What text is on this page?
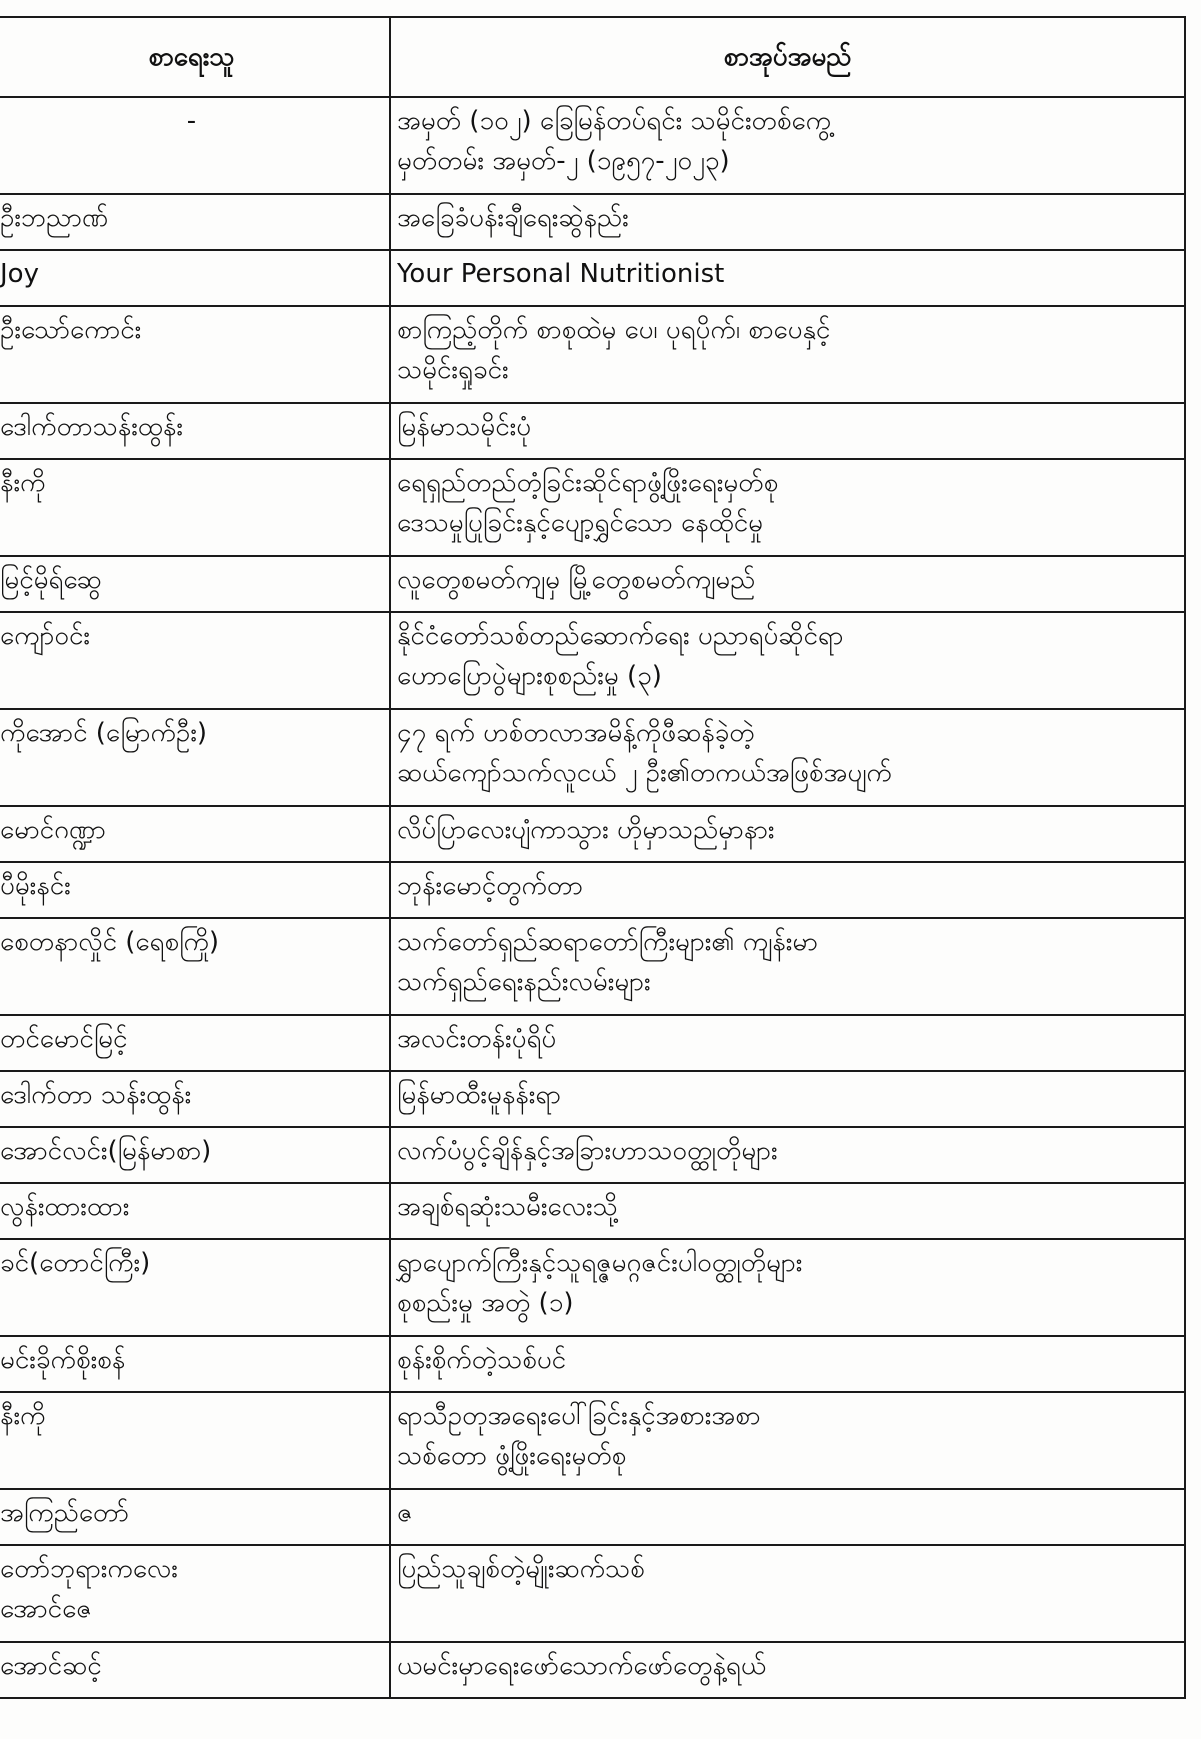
စာရေးသူ	စာအုပ်အမည်

-	အမှတ် (၁၀၂) ခြေမြန်တပ်ရင်း သမိုင်းတစ်ကွေ့
မှတ်တမ်း အမှတ်-၂ (၁၉၅၇-၂၀၂၃)

ဦးဘညာဏ်	အခြေခံပန်းချီရေးဆွဲနည်း

Joy	Your Personal Nutritionist

ဦးသော်ကောင်း	စာကြည့်တိုက် စာစုထဲမှ ပေ၊ ပုရပိုက်၊ စာပေနှင့်
သမိုင်းရှုခင်း

ဒေါက်တာသန်းထွန်း	မြန်မာသမိုင်းပုံ

နီးကို	ရေရှည်တည်တံ့ခြင်းဆိုင်ရာဖွံ့ဖြိုးရေးမှတ်စု
ဒေသမှုပြုခြင်းနှင့်ပျော့ရွှင်သော နေထိုင်မှု

မြင့်မိုရ်ဆွေ	လူတွေစမတ်ကျမှ မြို့တွေစမတ်ကျမည်

ကျော်ဝင်း	နိုင်ငံတော်သစ်တည်ဆောက်ရေး ပညာရပ်ဆိုင်ရာ
ဟောပြောပွဲများစုစည်းမှု (၃)

ကိုအောင် (မြောက်ဦး)	၄၇ ရက် ဟစ်တလာအမိန့်ကိုဖီဆန်ခဲ့တဲ့
ဆယ်ကျော်သက်လူငယ် ၂ ဦး၏တကယ်အဖြစ်အပျက်

မောင်ဂဏ္ဍာ	လိပ်ပြာလေးပျံကာသွား ဟိုမှာသည်မှာနား

ပီမိုးနင်း	ဘုန်းမောင့်တွက်တာ

စေတနာလှိုင် (ရေစကြို)	သက်တော်ရှည်ဆရာတော်ကြီးများ၏ ကျန်းမာ
သက်ရှည်ရေးနည်းလမ်းများ

တင်မောင်မြင့်	အလင်းတန်းပုံရိပ်

ဒေါက်တာ သန်းထွန်း	မြန်မာထီးမူနန်းရာ

အောင်လင်း(မြန်မာစာ)	လက်ပံပွင့်ချိန်နှင့်အခြားဟာသဝတ္ထုတိုများ

လွန်းထားထား	အချစ်ရဆုံးသမီးလေးသို့

ခင်(တောင်ကြီး)	ရွှာပျောက်ကြီးနှင့်သူရဇ္ဇမဂ္ဂဇင်းပါဝတ္ထုတိုများ
စုစည်းမှု အတွဲ (၁)

မင်းခိုက်စိုးစန်	စုန်းစိုက်တဲ့သစ်ပင်

နီးကို	ရာသီဥတုအရေးပေါ်ခြင်းနှင့်အစားအစာ
သစ်တော ဖွံ့ဖြိုးရေးမှတ်စု

အကြည်တော်	ဇ

တော်ဘုရားကလေး
အောင်ဇေ	ပြည်သူချစ်တဲ့မျိုးဆက်သစ်

အောင်ဆင့်	ယမင်းမှာရေးဖော်သောက်ဖော်တွေနဲ့ရယ်
